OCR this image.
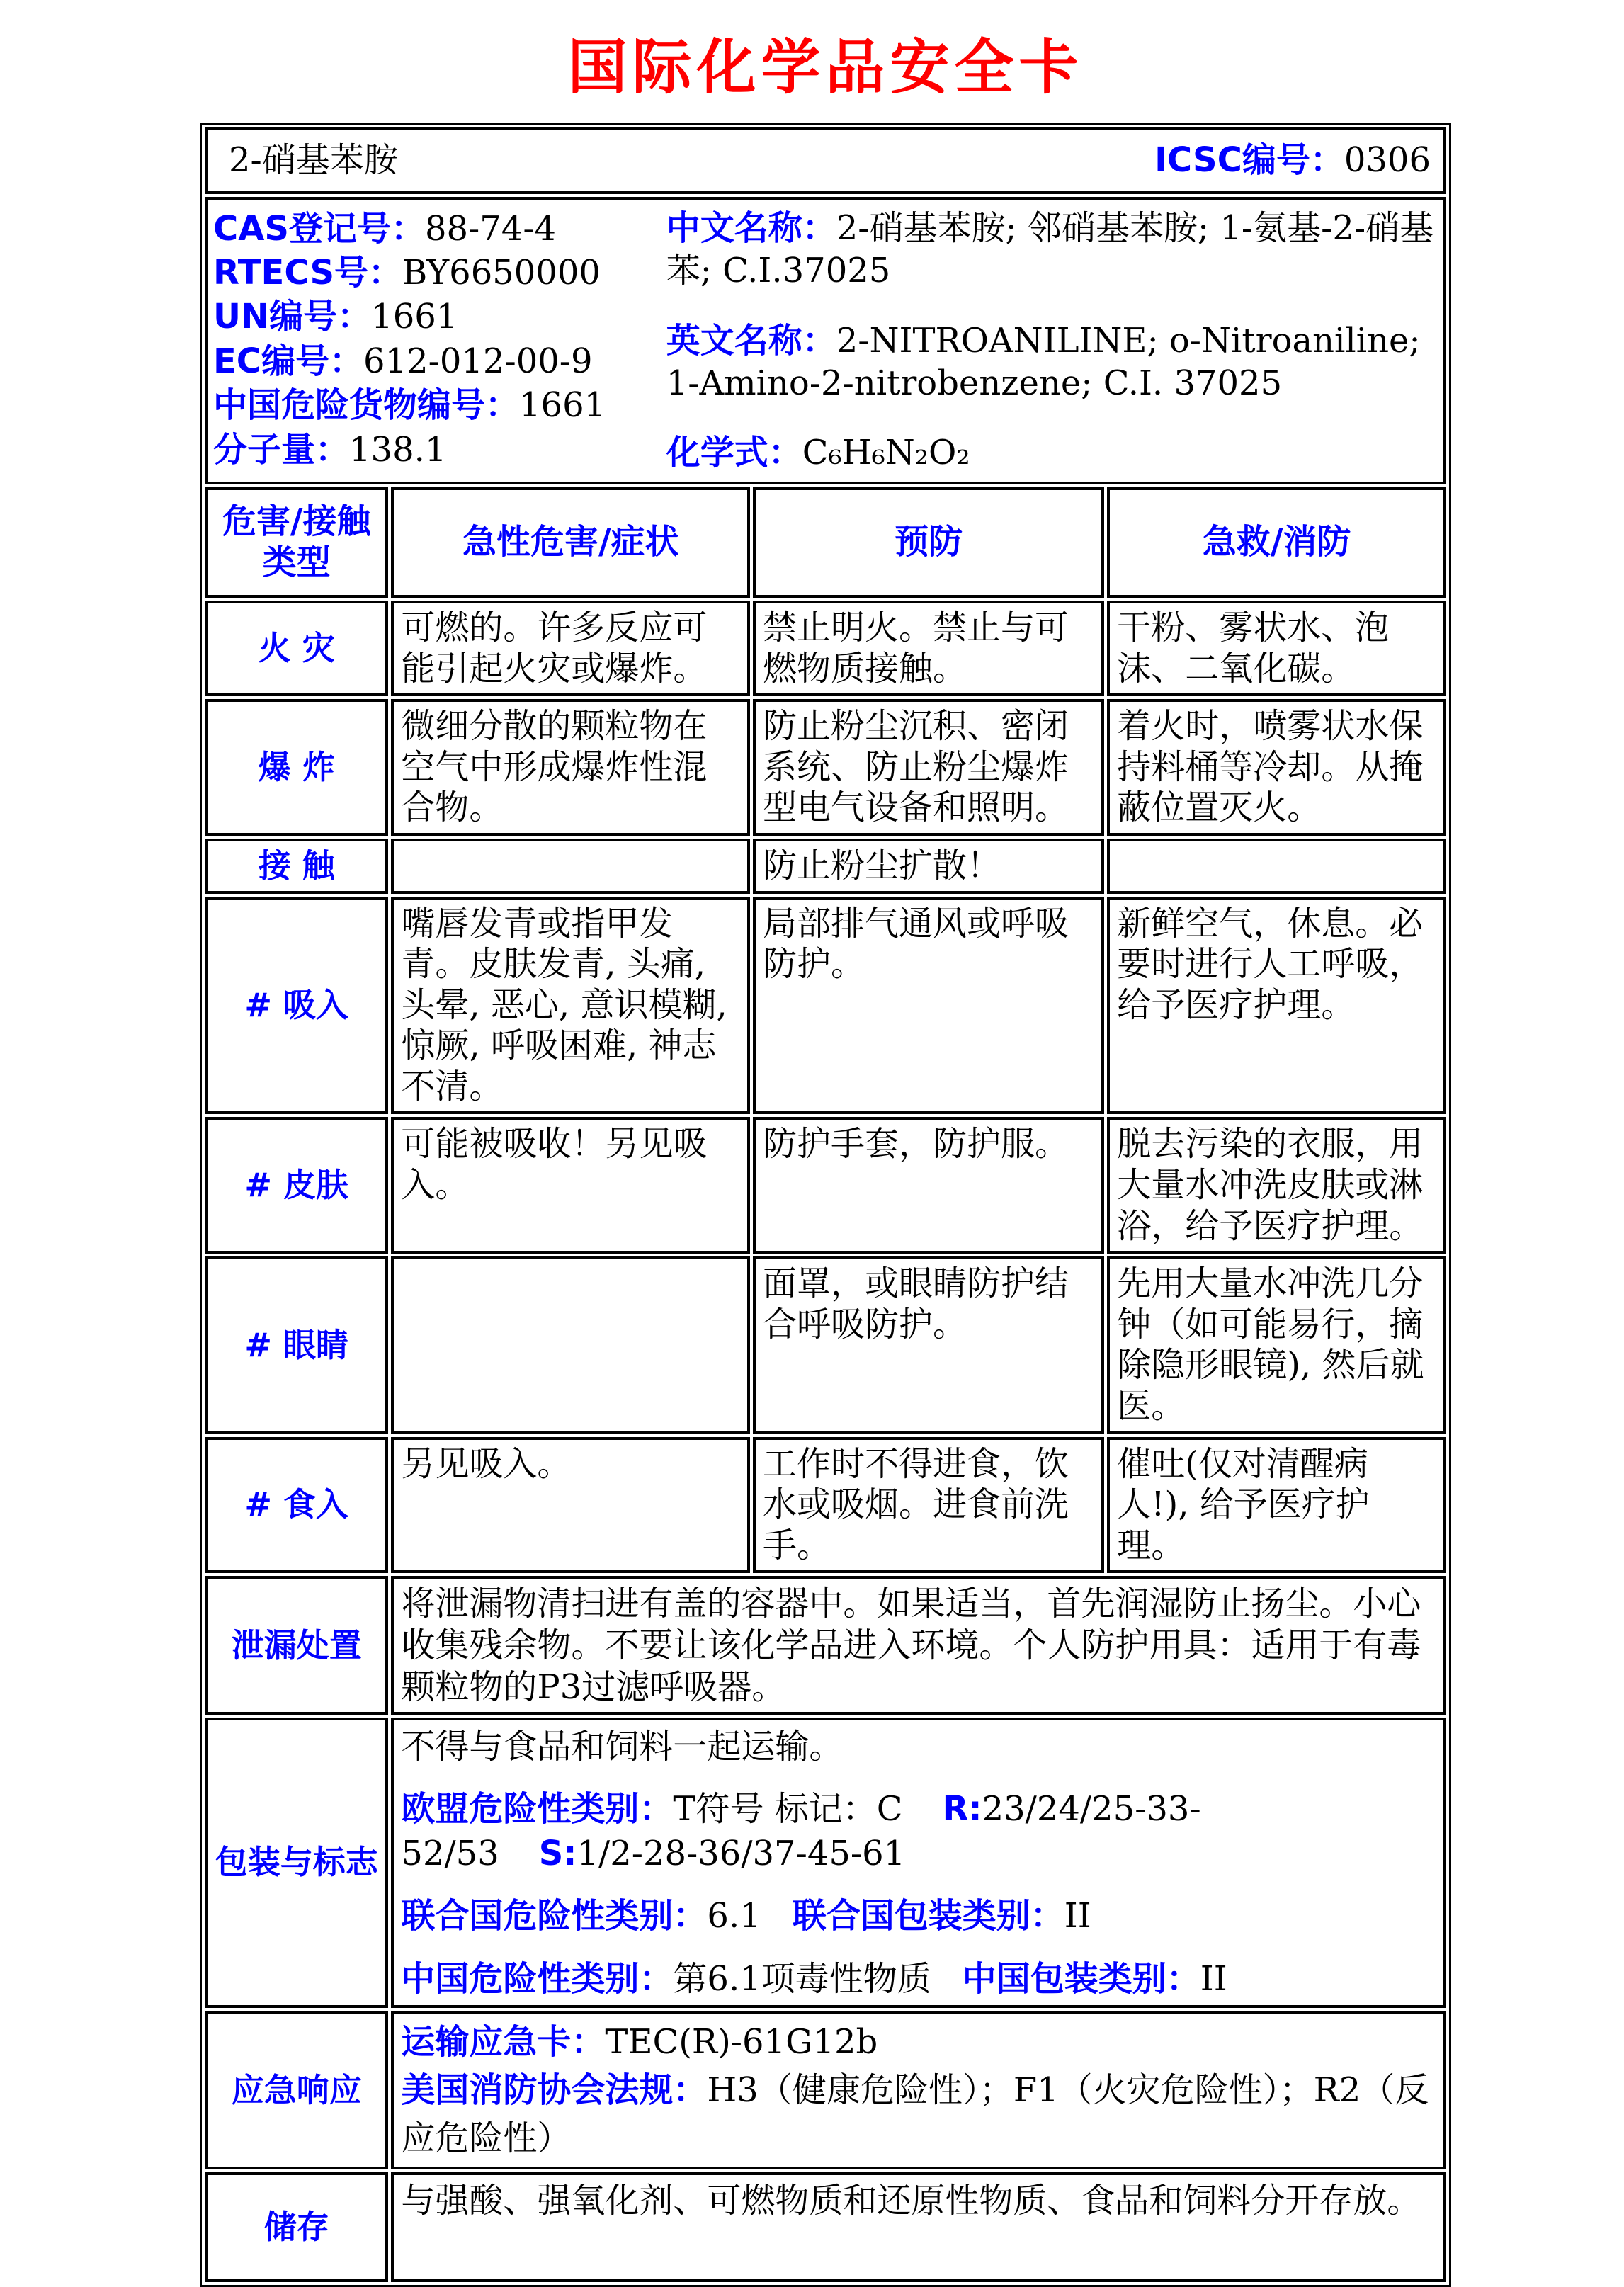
国际化学品安全卡
2-硝基苯胺 ICSC编号：0306			

CAS登记号：88-74-4

RTECS号：BY6650000

UN编号：1661

EC编号：612-012-00-9

中国危险货物编号：1661

分子量：138.1

中文名称：2-硝基苯胺; 邻硝基苯胺; 1-氨基-2-硝基苯; C.I.37025

英文名称：2-NITROANILINE; o-Nitroaniline; 1-Amino-2-nitrobenzene; C.I. 37025

化学式：C₆H₆N₂O₂

危害/接触类型	急性危害/症状	预防	急救/消防
火 灾	可燃的。许多反应可能引起火灾或爆炸。	禁止明火。禁止与可燃物质接触。	干粉、雾状水、泡沫、二氧化碳。
爆 炸	微细分散的颗粒物在空气中形成爆炸性混合物。	防止粉尘沉积、密闭系统、防止粉尘爆炸型电气设备和照明。	着火时，喷雾状水保持料桶等冷却。从掩蔽位置灭火。
接 触		防止粉尘扩散！	
# 吸入	嘴唇发青或指甲发青。皮肤发青, 头痛, 头晕, 恶心, 意识模糊, 惊厥, 呼吸困难, 神志不清。	局部排气通风或呼吸防护。	新鲜空气，休息。必要时进行人工呼吸，给予医疗护理。
# 皮肤	可能被吸收！另见吸入。	防护手套，防护服。	脱去污染的衣服，用大量水冲洗皮肤或淋浴，给予医疗护理。
# 眼睛		面罩，或眼睛防护结合呼吸防护。	先用大量水冲洗几分钟（如可能易行，摘除隐形眼镜), 然后就医。
# 食入	另见吸入。	工作时不得进食，饮水或吸烟。进食前洗手。	催吐(仅对清醒病人!), 给予医疗护理。
泄漏处置	将泄漏物清扫进有盖的容器中。如果适当，首先润湿防止扬尘。小心收集残余物。不要让该化学品进入环境。个人防护用具：适用于有毒颗粒物的P3过滤呼吸器。		
包装与标志	不得与食品和饲料一起运输。

欧盟危险性类别：T符号 标记：C R:23/24/25-33-52/53 S:1/2-28-36/37-45-61

联合国危险性类别：6.1 联合国包装类别：II

中国危险性类别：第6.1项毒性物质 中国包装类别：II		

应急响应	运输应急卡：TEC(R)-61G12b

美国消防协会法规：H3（健康危险性）；F1（火灾危险性）；R2（反应危险性）		

储存	与强酸、强氧化剂、可燃物质和还原性物质、食品和饲料分开存放。		
